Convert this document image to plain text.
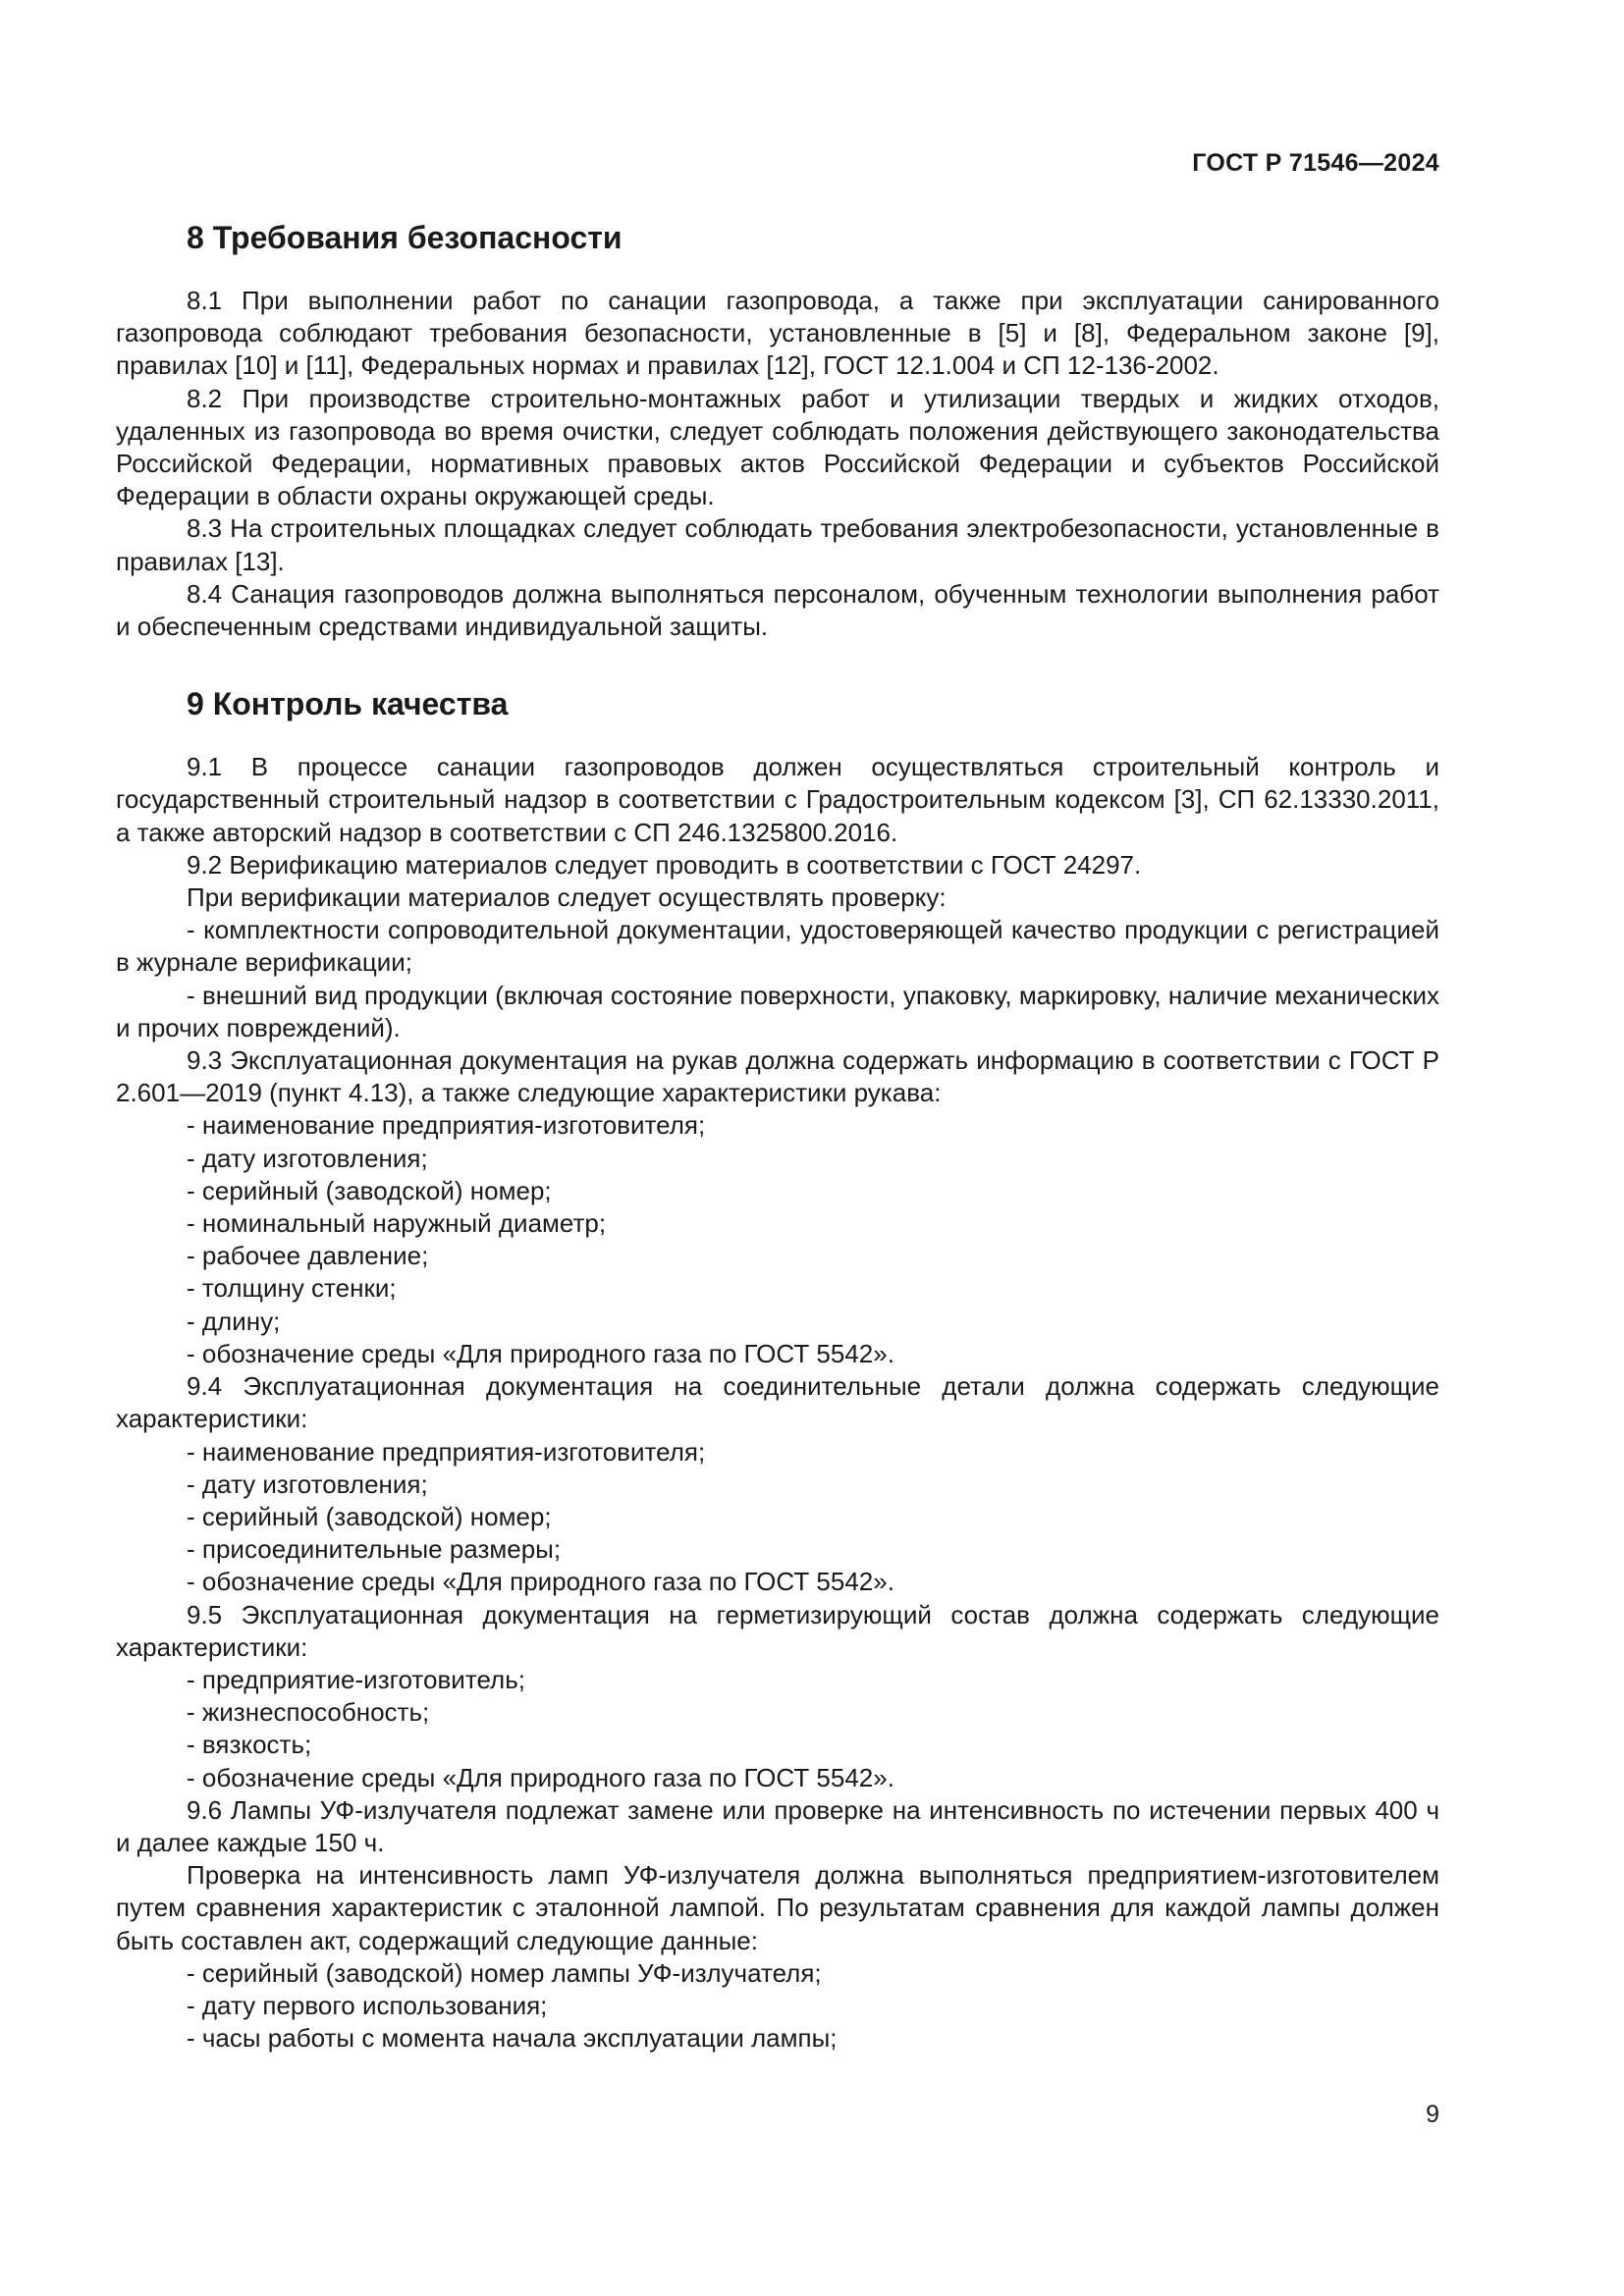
ГОСТ Р 71546—2024
8 Требования безопасности

8.1 При выполнении работ по санации газопровода, а также при эксплуатации санированного газопровода соблюдают требования безопасности, установленные в [5] и [8], Федеральном законе [9], правилах [10] и [11], Федеральных нормах и правилах [12], ГОСТ 12.1.004 и СП 12-136-2002.

8.2 При производстве строительно-монтажных работ и утилизации твердых и жидких отходов, удаленных из газопровода во время очистки, следует соблюдать положения действующего законодательства Российской Федерации, нормативных правовых актов Российской Федерации и субъектов Российской Федерации в области охраны окружающей среды.

8.3 На строительных площадках следует соблюдать требования электробезопасности, установленные в правилах [13].

8.4 Санация газопроводов должна выполняться персоналом, обученным технологии выполнения работ и обеспеченным средствами индивидуальной защиты.

9 Контроль качества

9.1 В процессе санации газопроводов должен осуществляться строительный контроль и государственный строительный надзор в соответствии с Градостроительным кодексом [3], СП 62.13330.2011, а также авторский надзор в соответствии с СП 246.1325800.2016.

9.2 Верификацию материалов следует проводить в соответствии с ГОСТ 24297.

При верификации материалов следует осуществлять проверку:

- комплектности сопроводительной документации, удостоверяющей качество продукции с регистрацией в журнале верификации;

- внешний вид продукции (включая состояние поверхности, упаковку, маркировку, наличие механических и прочих повреждений).

9.3 Эксплуатационная документация на рукав должна содержать информацию в соответствии с ГОСТ Р 2.601—2019 (пункт 4.13), а также следующие характеристики рукава:

- наименование предприятия-изготовителя;

- дату изготовления;

- серийный (заводской) номер;

- номинальный наружный диаметр;

- рабочее давление;

- толщину стенки;

- длину;

- обозначение среды «Для природного газа по ГОСТ 5542».

9.4 Эксплуатационная документация на соединительные детали должна содержать следующие характеристики:

- наименование предприятия-изготовителя;

- дату изготовления;

- серийный (заводской) номер;

- присоединительные размеры;

- обозначение среды «Для природного газа по ГОСТ 5542».

9.5 Эксплуатационная документация на герметизирующий состав должна содержать следующие характеристики:

- предприятие-изготовитель;

- жизнеспособность;

- вязкость;

- обозначение среды «Для природного газа по ГОСТ 5542».

9.6 Лампы УФ-излучателя подлежат замене или проверке на интенсивность по истечении первых 400 ч и далее каждые 150 ч.

Проверка на интенсивность ламп УФ-излучателя должна выполняться предприятием-изготовителем путем сравнения характеристик с эталонной лампой. По результатам сравнения для каждой лампы должен быть составлен акт, содержащий следующие данные:

- серийный (заводской) номер лампы УФ-излучателя;

- дату первого использования;

- часы работы с момента начала эксплуатации лампы;

9
